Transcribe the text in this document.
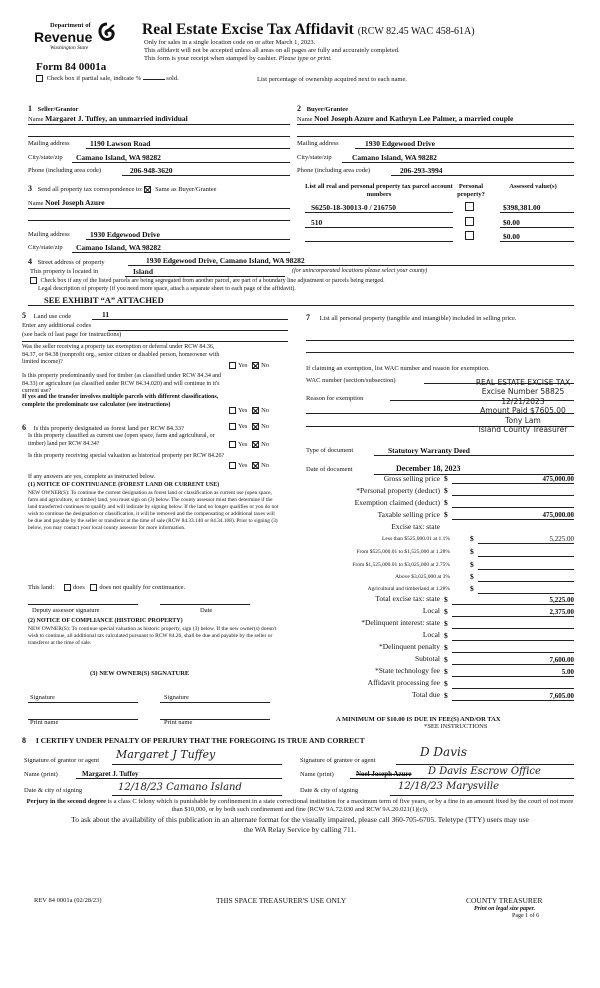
Department of
Revenue
Washington State
Real Estate Excise Tax Affidavit (RCW 82.45 WAC 458-61A)
Only for sales in a single location code on or after March 1, 2023.
This affidavit will not be accepted unless all areas on all pages are fully and accurately completed.
This form is your receipt when stamped by cashier. Please type or print.
Form 84 0001a
Check box if partial sale, indicate %	sold.	List percentage of ownership acquired next to each name.
1 Seller/Grantor
Name Margaret J. Tuffey, an unmarried individual
Mailing address	1190 Lawson Road
City/state/zip Camano Island, WA 98282
Phone (including area code)	206-948-3620
2 Buyer/Grantee
Name Noel Joseph Azure and Kathryn Lee Palmer, a married couple
Mailing address	1930 Edgewood Drive
City/state/zip	Camano Island, WA 98282
Phone (including area code)	206-293-3994
3 Send all property tax correspondence to: Same as Buyer/Grantee
Name Noel Joseph Azure
Mailing address	1930 Edgewood Drive
City/state/zip Camano Island, WA 98282
List all real and personal property tax parcel account numbers
Personal property?
Assessed value(s)
S6250-18-30013-0 / 216750	$398,381.00
510	$0.00
$0.00
4 Street address of property	1930 Edgewood Drive, Camano Island, WA 98282
This property is located in	Island	(for unincorporated locations please select your county)
Check box if any of the listed parcels are being segregated from another parcel, are part of a boundary line adjustment or parcels being merged.
Legal description of property (if you need more space, attach a separate sheet to each page of the affidavit).
SEE EXHIBIT “A” ATTACHED
5 Land use code	11
Enter any additional codes
(see back of last page for instructions)
Was the seller receiving a property tax exemption or deferral under RCW 84.36, 84.37, or 84.38 (nonprofit org., senior citizen or disabled person, homeowner with limited income)?	Yes No
Is this property predominantly used for timber (as classified under RCW 84.34 and 84.33) or agriculture (as classified under RCW 84.34.020) and will continue in it's current use?
If yes and the transfer involves multiple parcels with different classifications, complete the predominate use calculator (see instructions)
Yes No
6 Is this property designated as forest land per RCW 84.33?	Yes No
Is this property classified as current use (open space, farm and agricultural, or timber) land per RCW 84.34?	Yes No
Is this property receiving special valuation as historical property per RCW 84.26?
Yes No
If any answers are yes, complete as instructed below.
(1) NOTICE OF CONTINUANCE (FOREST LAND OR CURRENT USE)
NEW OWNER(S): To continue the current designation as forest land or classification as current use (open space, farm and agriculture, or timber) land, you must sign on (3) below. The county assessor must then determine if the land transferred continues to qualify and will indicate by signing below. If the land no longer qualifies or you do not wish to continue the designation or classification, it will be removed and the compensating or additional taxes will be due and payable by the seller or transferor at the time of sale (RCW 84.33.140 or 84.34.108). Prior to signing (3) below, you may contact your local county assessor for more information.
This land:	does does not qualify for continuance.
Deputy assessor signature	Date
(2) NOTICE OF COMPLIANCE (HISTORIC PROPERTY)
NEW OWNER(S): To continue special valuation as historic property, sign (3) below. If the new owner(s) doesn't wish to continue, all additional tax calculated pursuant to RCW 84.26, shall be due and payable by the seller or transferor at the time of sale.
(3) NEW OWNER(S) SIGNATURE
Signature	Signature
Print name	Print name
7 List all personal property (tangible and intangible) included in selling price.
If claiming an exemption, list WAC number and reason for exemption.
WAC number (section/subsection)
Reason for exemption
REAL ESTATE EXCISE TAX
Excise Number 58825
12/21/2023
Amount Paid $7605.00
Tony Lam
Island County Treasurer
Type of document	Statutory Warranty Deed
Date of document	December 18, 2023
Gross selling price $	475,000.00
*Personal property (deduct) $
Exemption claimed (deduct) $
Taxable selling price $	475,000.00
Excise tax: state
Less than $525,000.01 at 1.1%	$	5,225.00
From $525,000.01 to $1,525,000 at 1.28%	$
From $1,525,000.01 to $3,025,000 at 2.75%	$
Above $3,025,000 at 3%	$
Agricultural and timberland at 1.28%	$
Total excise tax: state $	5,225.00
Local $	2,375.00
*Delinquent interest: state $
Local $
*Delinquent penalty $
Subtotal $	7,600.00
*State technology fee $	5.00
Affidavit processing fee $
Total due $	7,605.00
A MINIMUM OF $10.00 IS DUE IN FEE(S) AND/OR TAX
*SEE INSTRUCTIONS
8 I CERTIFY UNDER PENALTY OF PERJURY THAT THE FOREGOING IS TRUE AND CORRECT
Signature of grantor or agent Margaret J Tuffey
Name (print)	Margaret J. Tuffey
Date & city of signing	12/18/23 Camano Island
Signature of grantee or agent
D Davis
Name (print)	Noel Joseph Azure D Davis Escrow Office
Date & city of signing	12/18/23 Marysville
Perjury in the second degree is a class C felony which is punishable by confinement in a state correctional institution for a maximum term of five years, or by a fine in an amount fixed by the court of not more than $10,000, or by both such confinement and fine (RCW 9A.72.030 and RCW 9A.20.021(1)(c)).
To ask about the availability of this publication in an alternate format for the visually impaired, please call 360-705-6705. Teletype (TTY) users may use the WA Relay Service by calling 711.
REV 84 0001a (02/28/23)	THIS SPACE TREASURER'S USE ONLY	COUNTY TREASURER
Print on legal size paper.
Page 1 of 6
